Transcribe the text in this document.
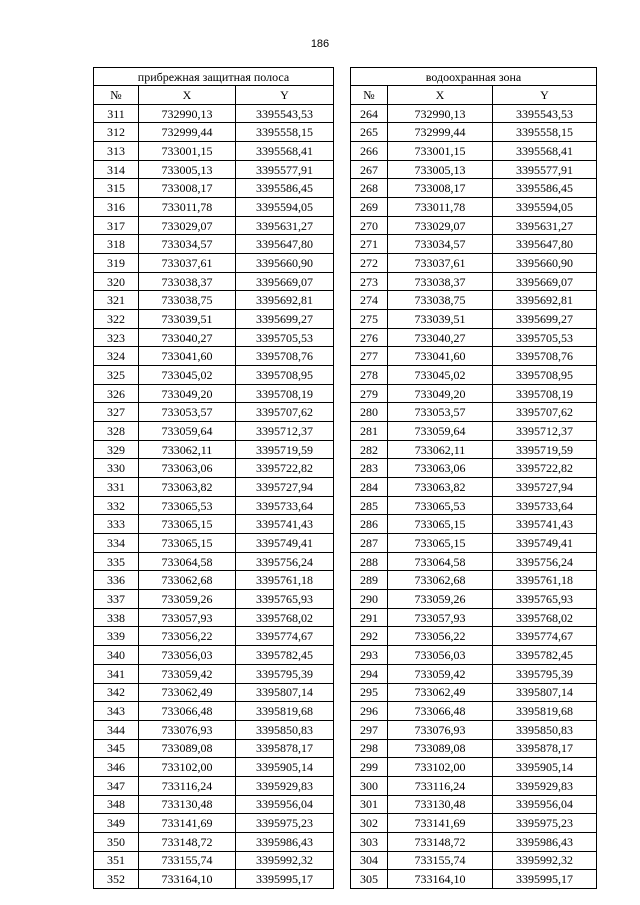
186
прибрежная защитная полоса		
№	X	Y
311	732990,13	3395543,53
312	732999,44	3395558,15
313	733001,15	3395568,41
314	733005,13	3395577,91
315	733008,17	3395586,45
316	733011,78	3395594,05
317	733029,07	3395631,27
318	733034,57	3395647,80
319	733037,61	3395660,90
320	733038,37	3395669,07
321	733038,75	3395692,81
322	733039,51	3395699,27
323	733040,27	3395705,53
324	733041,60	3395708,76
325	733045,02	3395708,95
326	733049,20	3395708,19
327	733053,57	3395707,62
328	733059,64	3395712,37
329	733062,11	3395719,59
330	733063,06	3395722,82
331	733063,82	3395727,94
332	733065,53	3395733,64
333	733065,15	3395741,43
334	733065,15	3395749,41
335	733064,58	3395756,24
336	733062,68	3395761,18
337	733059,26	3395765,93
338	733057,93	3395768,02
339	733056,22	3395774,67
340	733056,03	3395782,45
341	733059,42	3395795,39
342	733062,49	3395807,14
343	733066,48	3395819,68
344	733076,93	3395850,83
345	733089,08	3395878,17
346	733102,00	3395905,14
347	733116,24	3395929,83
348	733130,48	3395956,04
349	733141,69	3395975,23
350	733148,72	3395986,43
351	733155,74	3395992,32
352	733164,10	3395995,17
водоохранная зона		
№	X	Y
264	732990,13	3395543,53
265	732999,44	3395558,15
266	733001,15	3395568,41
267	733005,13	3395577,91
268	733008,17	3395586,45
269	733011,78	3395594,05
270	733029,07	3395631,27
271	733034,57	3395647,80
272	733037,61	3395660,90
273	733038,37	3395669,07
274	733038,75	3395692,81
275	733039,51	3395699,27
276	733040,27	3395705,53
277	733041,60	3395708,76
278	733045,02	3395708,95
279	733049,20	3395708,19
280	733053,57	3395707,62
281	733059,64	3395712,37
282	733062,11	3395719,59
283	733063,06	3395722,82
284	733063,82	3395727,94
285	733065,53	3395733,64
286	733065,15	3395741,43
287	733065,15	3395749,41
288	733064,58	3395756,24
289	733062,68	3395761,18
290	733059,26	3395765,93
291	733057,93	3395768,02
292	733056,22	3395774,67
293	733056,03	3395782,45
294	733059,42	3395795,39
295	733062,49	3395807,14
296	733066,48	3395819,68
297	733076,93	3395850,83
298	733089,08	3395878,17
299	733102,00	3395905,14
300	733116,24	3395929,83
301	733130,48	3395956,04
302	733141,69	3395975,23
303	733148,72	3395986,43
304	733155,74	3395992,32
305	733164,10	3395995,17
